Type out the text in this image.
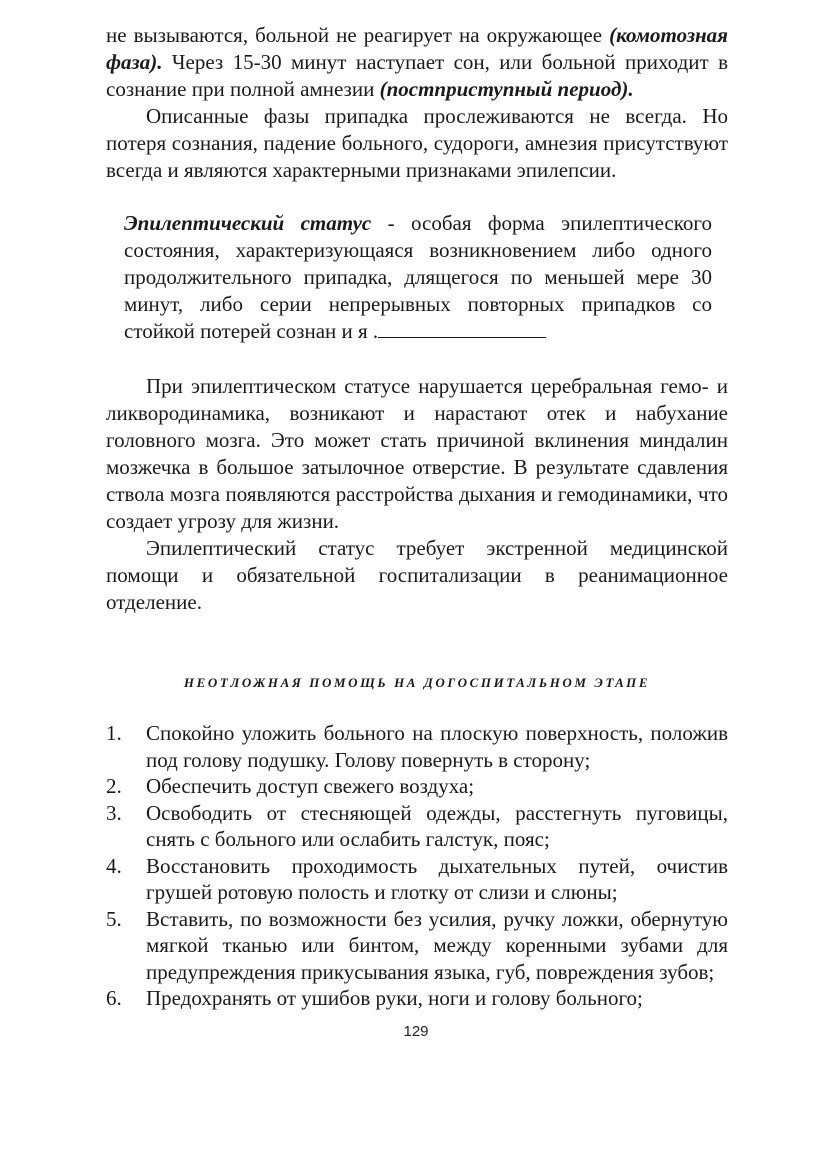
не вызываются, больной не реагирует на окружающее (комотозная фаза). Через 15-30 минут наступает сон, или больной приходит в сознание при полной амнезии (постприступный период).

Описанные фазы припадка прослеживаются не всегда. Но потеря сознания, падение больного, судороги, амнезия присутствуют всегда и являются характерными признаками эпилепсии.

Эпилептический статус - особая форма эпилептического состояния, характеризующаяся возникновением либо одного продолжительного припадка, длящегося по меньшей мере 30 минут, либо серии непрерывных повторных припадков со стойкой потерей сознан и я .

При эпилептическом статусе нарушается церебральная гемо- и ликвородинамика, возникают и нарастают отек и набухание головного мозга. Это может стать причиной вклинения миндалин мозжечка в большое затылочное отверстие. В результате сдавления ствола мозга появляются расстройства дыхания и гемодинамики, что создает угрозу для жизни.

Эпилептический статус требует экстренной медицинской помощи и обязательной госпитализации в реанимационное отделение.

НЕОТЛОЖНАЯ ПОМОЩЬ НА ДОГОСПИТАЛЬНОМ ЭТАПЕ
1. Спокойно уложить больного на плоскую поверхность, положив под голову подушку. Голову повернуть в сторону;
2. Обеспечить доступ свежего воздуха;
3. Освободить от стесняющей одежды, расстегнуть пуговицы, снять с больного или ослабить галстук, пояс;
4. Восстановить проходимость дыхательных путей, очистив грушей ротовую полость и глотку от слизи и слюны;
5. Вставить, по возможности без усилия, ручку ложки, обернутую мягкой тканью или бинтом, между коренными зубами для предупреждения прикусывания языка, губ, повреждения зубов;
6. Предохранять от ушибов руки, ноги и голову больного;
129
